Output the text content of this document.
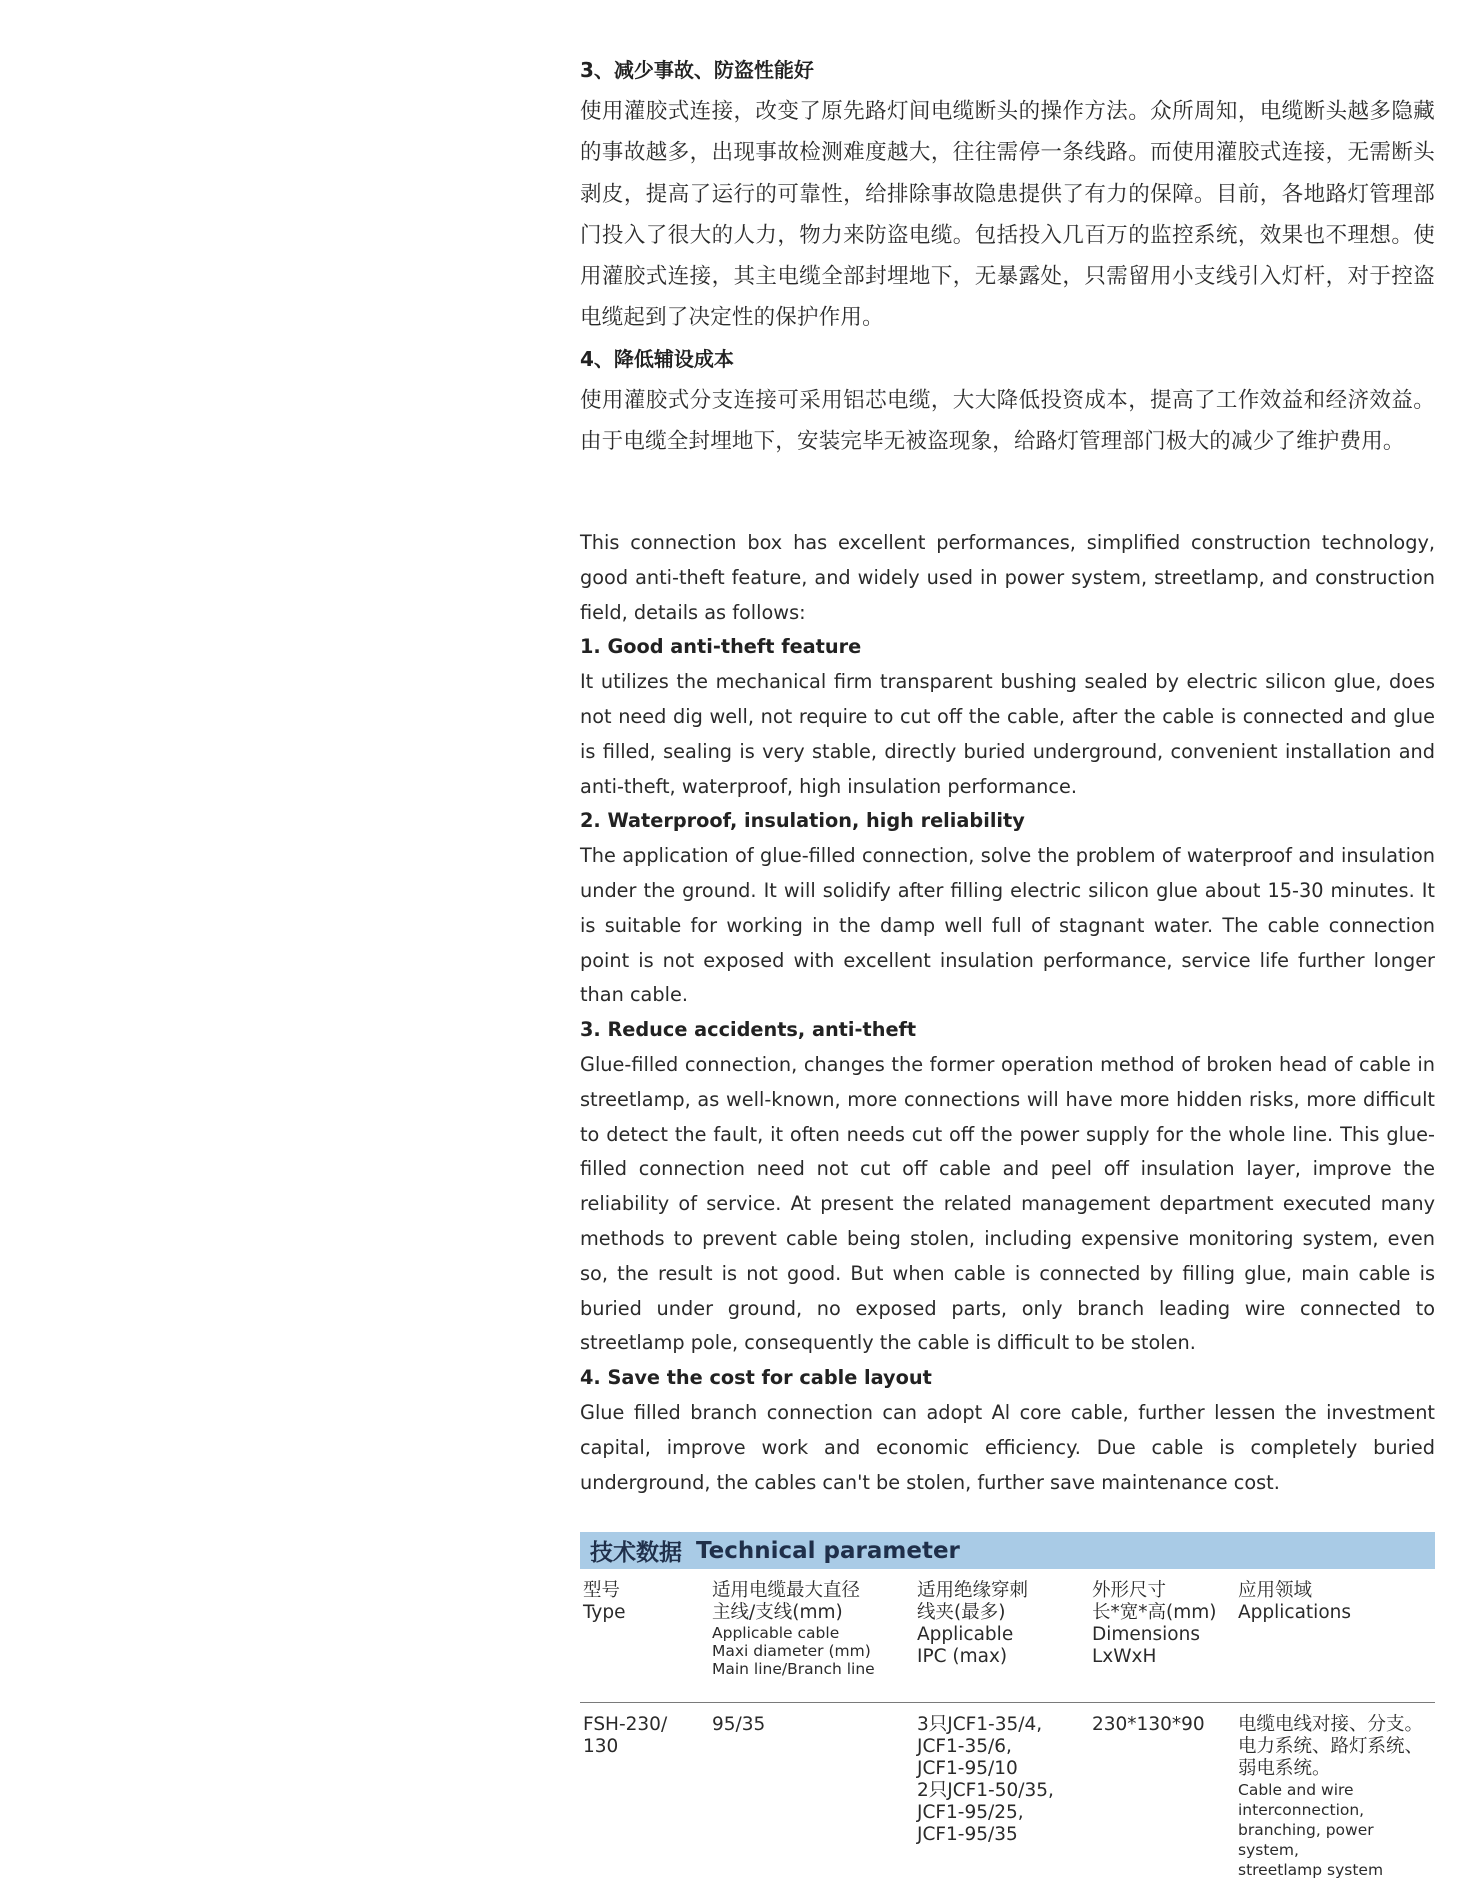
3、减少事故、防盗性能好
使用灌胶式连接，改变了原先路灯间电缆断头的操作方法。众所周知，电缆断头越多隐藏的事故越多，出现事故检测难度越大，往往需停一条线路。而使用灌胶式连接，无需断头剥皮，提高了运行的可靠性，给排除事故隐患提供了有力的保障。目前，各地路灯管理部门投入了很大的人力，物力来防盗电缆。包括投入几百万的监控系统，效果也不理想。使用灌胶式连接，其主电缆全部封埋地下，无暴露处，只需留用小支线引入灯杆，对于控盗电缆起到了决定性的保护作用。
4、降低辅设成本
使用灌胶式分支连接可采用铝芯电缆，大大降低投资成本，提高了工作效益和经济效益。由于电缆全封埋地下，安装完毕无被盗现象，给路灯管理部门极大的减少了维护费用。

This connection box has excellent performances, simplified construction technology, good anti-theft feature, and widely used in power system, streetlamp, and construction field, details as follows:

1. Good anti-theft feature

It utilizes the mechanical firm transparent bushing sealed by electric silicon glue, does not need dig well, not require to cut off the cable, after the cable is connected and glue is filled, sealing is very stable, directly buried underground, convenient installation and anti-theft, waterproof, high insulation performance.

2. Waterproof, insulation, high reliability

The application of glue-filled connection, solve the problem of waterproof and insulation under the ground. It will solidify after filling electric silicon glue about 15-30 minutes. It is suitable for working in the damp well full of stagnant water. The cable connection point is not exposed with excellent insulation performance, service life further longer than cable.

3. Reduce accidents, anti-theft

Glue-filled connection, changes the former operation method of broken head of cable in streetlamp, as well-known, more connections will have more hidden risks, more difficult to detect the fault, it often needs cut off the power supply for the whole line. This glue-filled connection need not cut off cable and peel off insulation layer, improve the reliability of service. At present the related management department executed many methods to prevent cable being stolen, including expensive monitoring system, even so, the result is not good. But when cable is connected by filling glue, main cable is buried under ground, no exposed parts, only branch leading wire connected to streetlamp pole, consequently the cable is difficult to be stolen.

4. Save the cost for cable layout

Glue filled branch connection can adopt Al core cable, further lessen the investment capital, improve work and economic efficiency. Due cable is completely buried underground, the cables can't be stolen, further save maintenance cost.

技术数据 Technical parameter
型号
Type
适用电缆最大直径
主线/支线(mm)
Applicable cable
Maxi diameter (mm)
Main line/Branch line
适用绝缘穿刺
线夹(最多)
Applicable
IPC (max)
外形尺寸
长*宽*高(mm)
Dimensions
LxWxH
应用领域
Applications
FSH-230/
130
95/35	3只JCF1-35/4,
JCF1-35/6,
JCF1-95/10
2只JCF1-50/35,
JCF1-95/25,
JCF1-95/35
230*130*90	电缆电线对接、分支。
电力系统、路灯系统、
弱电系统。
Cable and wire
interconnection,
branching, power system,
streetlamp system
